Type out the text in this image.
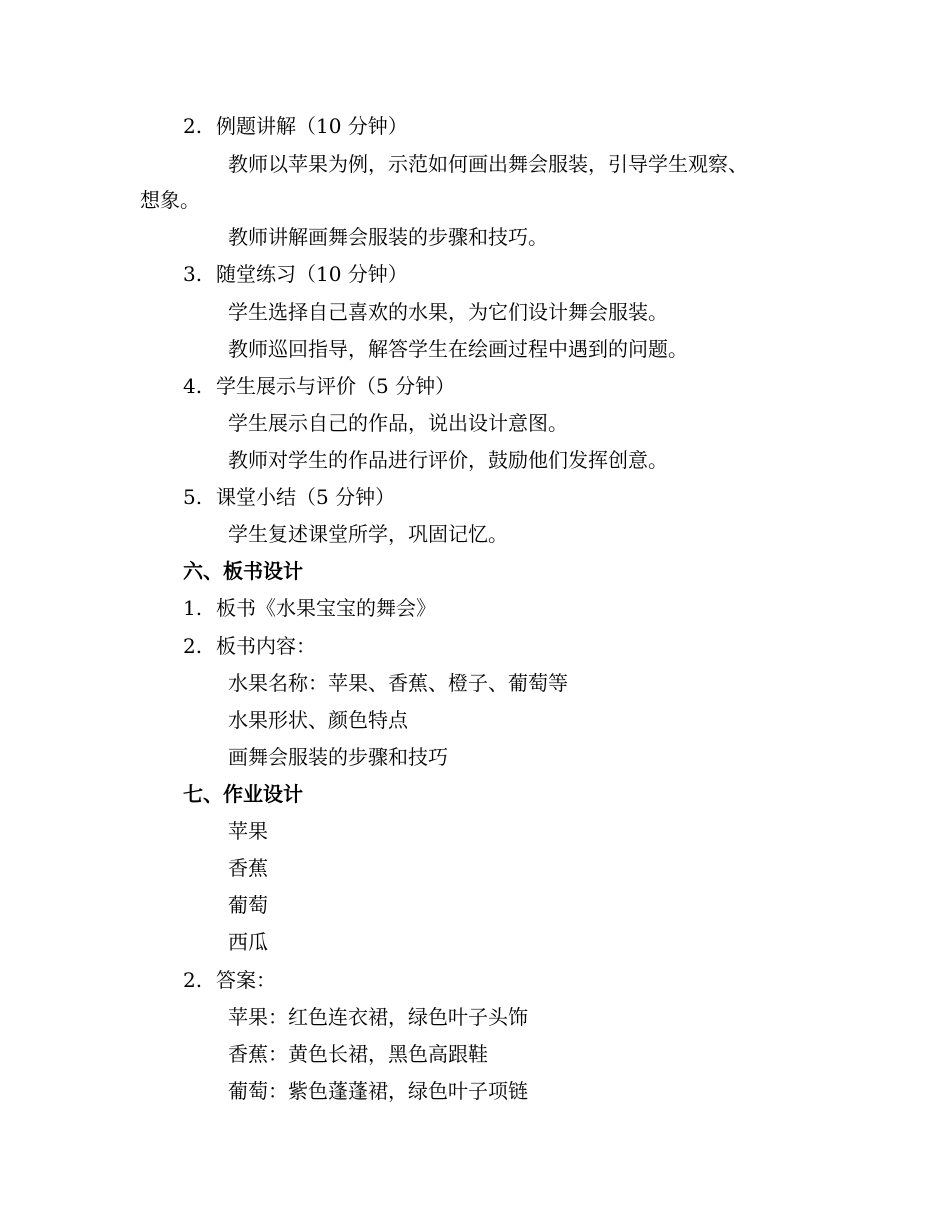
2. 例题讲解（10 分钟）
教师以苹果为例，示范如何画出舞会服装，引导学生观察、
想象。
教师讲解画舞会服装的步骤和技巧。
3. 随堂练习（10 分钟）
学生选择自己喜欢的水果，为它们设计舞会服装。
教师巡回指导，解答学生在绘画过程中遇到的问题。
4. 学生展示与评价（5 分钟）
学生展示自己的作品，说出设计意图。
教师对学生的作品进行评价，鼓励他们发挥创意。
5. 课堂小结（5 分钟）
学生复述课堂所学，巩固记忆。
六、板书设计
1. 板书《水果宝宝的舞会》
2. 板书内容：
水果名称：苹果、香蕉、橙子、葡萄等
水果形状、颜色特点
画舞会服装的步骤和技巧
七、作业设计
苹果
香蕉
葡萄
西瓜
2. 答案：
苹果：红色连衣裙，绿色叶子头饰
香蕉：黄色长裙，黑色高跟鞋
葡萄：紫色蓬蓬裙，绿色叶子项链
